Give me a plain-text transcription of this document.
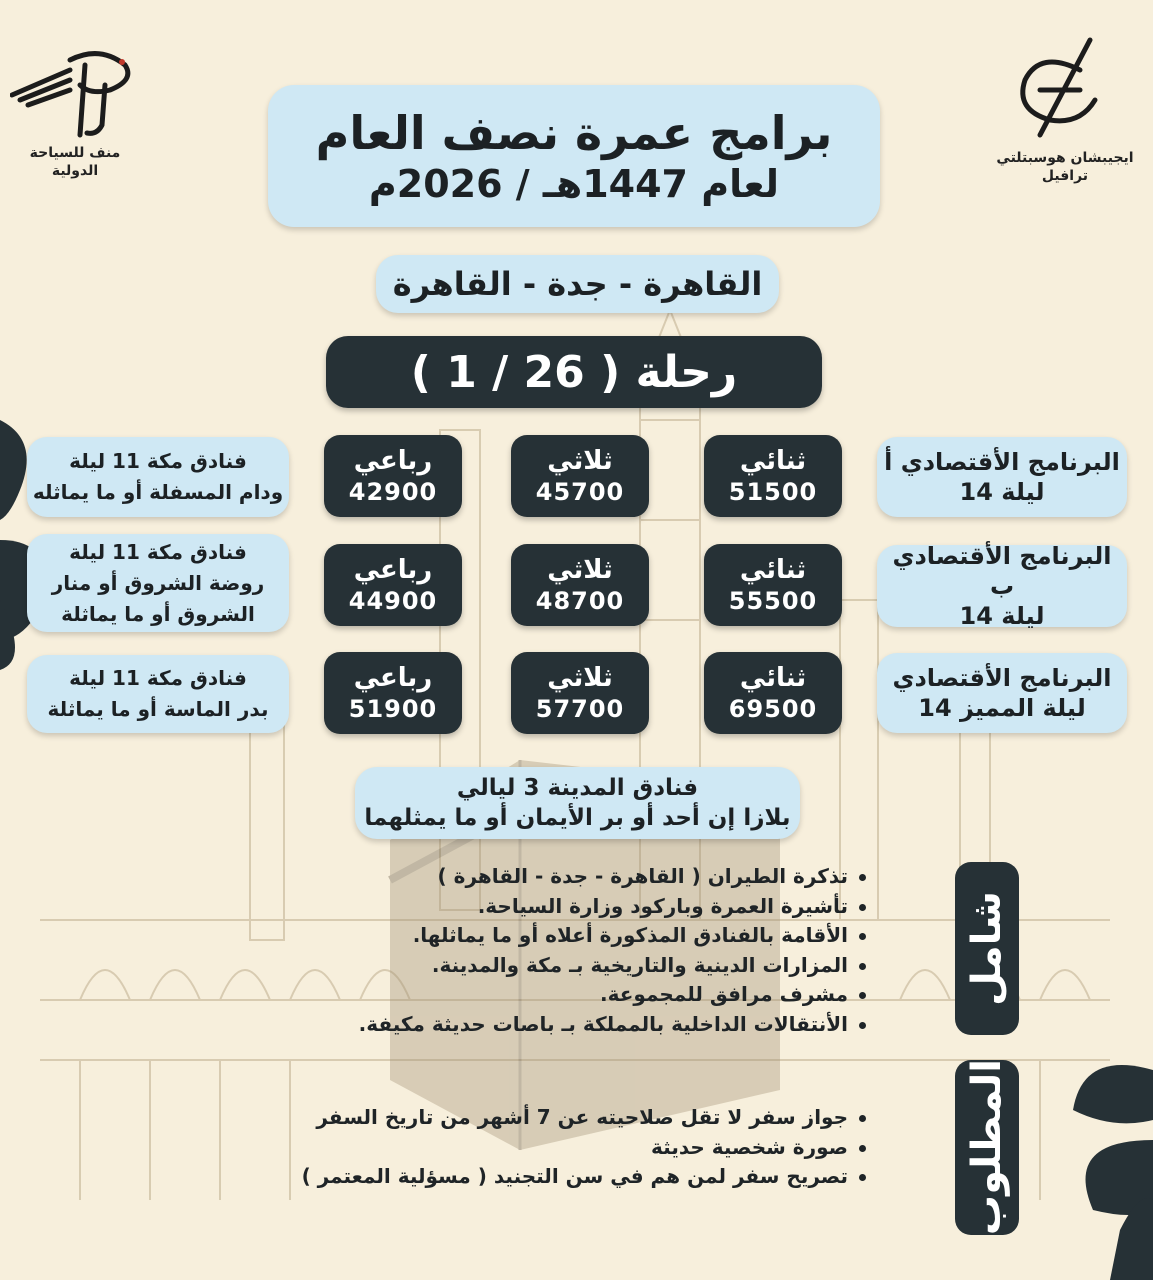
منف للسياحة
الدولية
ايجيبشان هوسبتلتي
ترافيل
برامج عمرة نصف العام
لعام 1447هـ / 2026م
القاهرة - جدة - القاهرة
رحلة ( 26 / 1 )
البرنامج الأقتصادي أ
14 ليلة
ثنائي
51500
ثلاثي
45700
رباعي
42900
فنادق مكة 11 ليلة
ودام المسفلة أو ما يماثله
البرنامج الأقتصادي ب
14 ليلة
ثنائي
55500
ثلاثي
48700
رباعي
44900
فنادق مكة 11 ليلة
روضة الشروق أو منار
الشروق أو ما يماثلة
البرنامج الأقتصادي
14 ليلة المميز
ثنائي
69500
ثلاثي
57700
رباعي
51900
فنادق مكة 11 ليلة
بدر الماسة أو ما يماثلة
فنادق المدينة 3 ليالي
بلازا إن أحد أو بر الأيمان أو ما يمثلهما
شامل
تذكرة الطيران ( القاهرة - جدة - القاهرة )
تأشيرة العمرة وباركود وزارة السياحة.
الأقامة بالفنادق المذكورة أعلاه أو ما يماثلها.
المزارات الدينية والتاريخية بـ مكة والمدينة.
مشرف مرافق للمجموعة.
الأنتقالات الداخلية بالمملكة بـ باصات حديثة مكيفة.
المطلوب
جواز سفر لا تقل صلاحيته عن 7 أشهر من تاريخ السفر
صورة شخصية حديثة
تصريح سفر لمن هم في سن التجنيد ( مسؤلية المعتمر )
